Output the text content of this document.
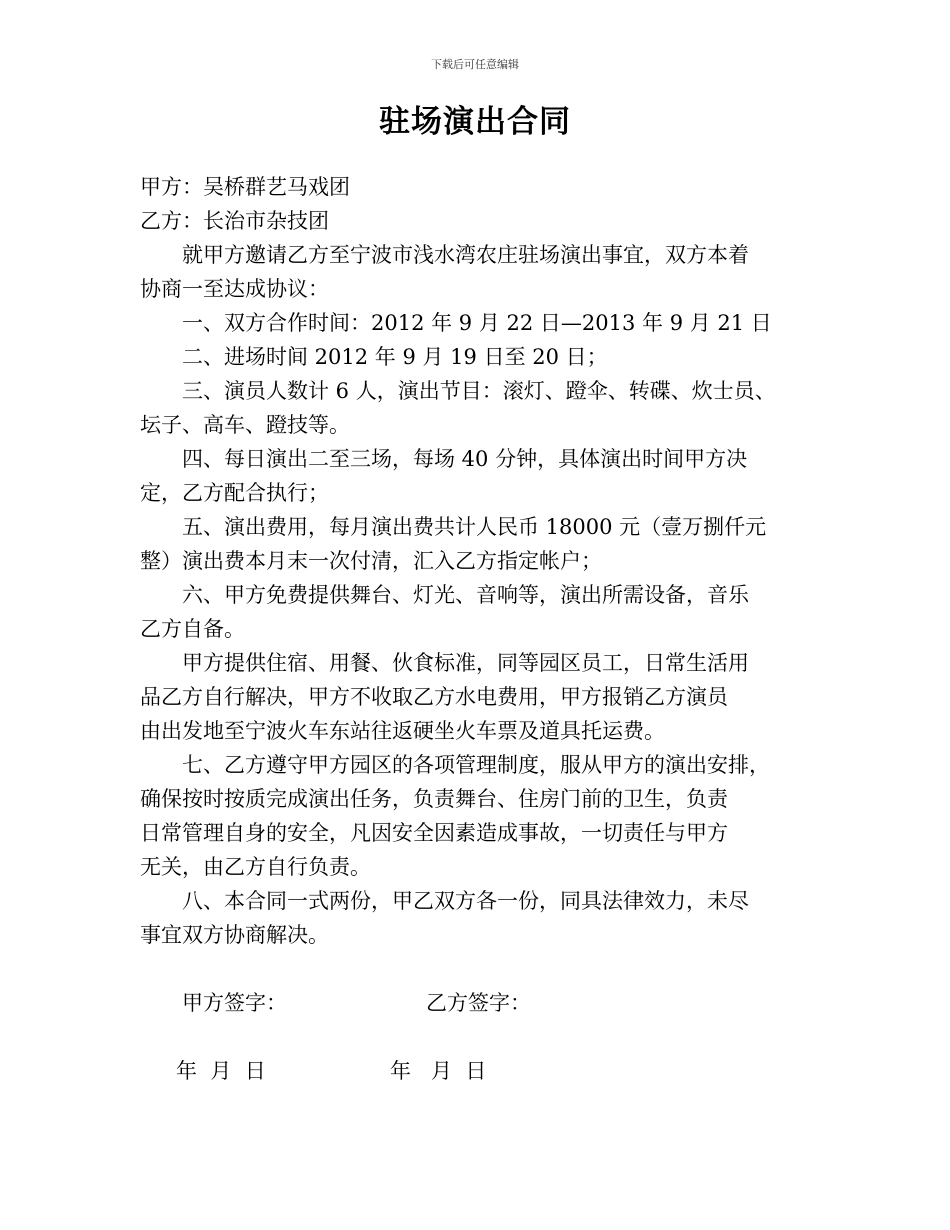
下载后可任意编辑
驻场演出合同
甲方：吴桥群艺马戏团
乙方：长治市杂技团
就甲方邀请乙方至宁波市浅水湾农庄驻场演出事宜，双方本着
协商一至达成协议：
一、双方合作时间：2012 年 9 月 22 日—2013 年 9 月 21 日
二、进场时间 2012 年 9 月 19 日至 20 日；
三、演员人数计 6 人，演出节目：滚灯、蹬伞、转碟、炊士员、
坛子、高车、蹬技等。
四、每日演出二至三场，每场 40 分钟，具体演出时间甲方决
定，乙方配合执行；
五、演出费用，每月演出费共计人民币 18000 元（壹万捌仟元
整）演出费本月末一次付清，汇入乙方指定帐户；
六、甲方免费提供舞台、灯光、音响等，演出所需设备，音乐
乙方自备。
甲方提供住宿、用餐、伙食标准，同等园区员工，日常生活用
品乙方自行解决，甲方不收取乙方水电费用，甲方报销乙方演员
由出发地至宁波火车东站往返硬坐火车票及道具托运费。
七、乙方遵守甲方园区的各项管理制度，服从甲方的演出安排，
确保按时按质完成演出任务，负责舞台、住房门前的卫生，负责
日常管理自身的安全，凡因安全因素造成事故，一切责任与甲方
无关，由乙方自行负责。
八、本合同一式两份，甲乙双方各一份，同具法律效力，未尽
事宜双方协商解决。
甲方签字：	乙方签字：
年  月  日	年   月  日
